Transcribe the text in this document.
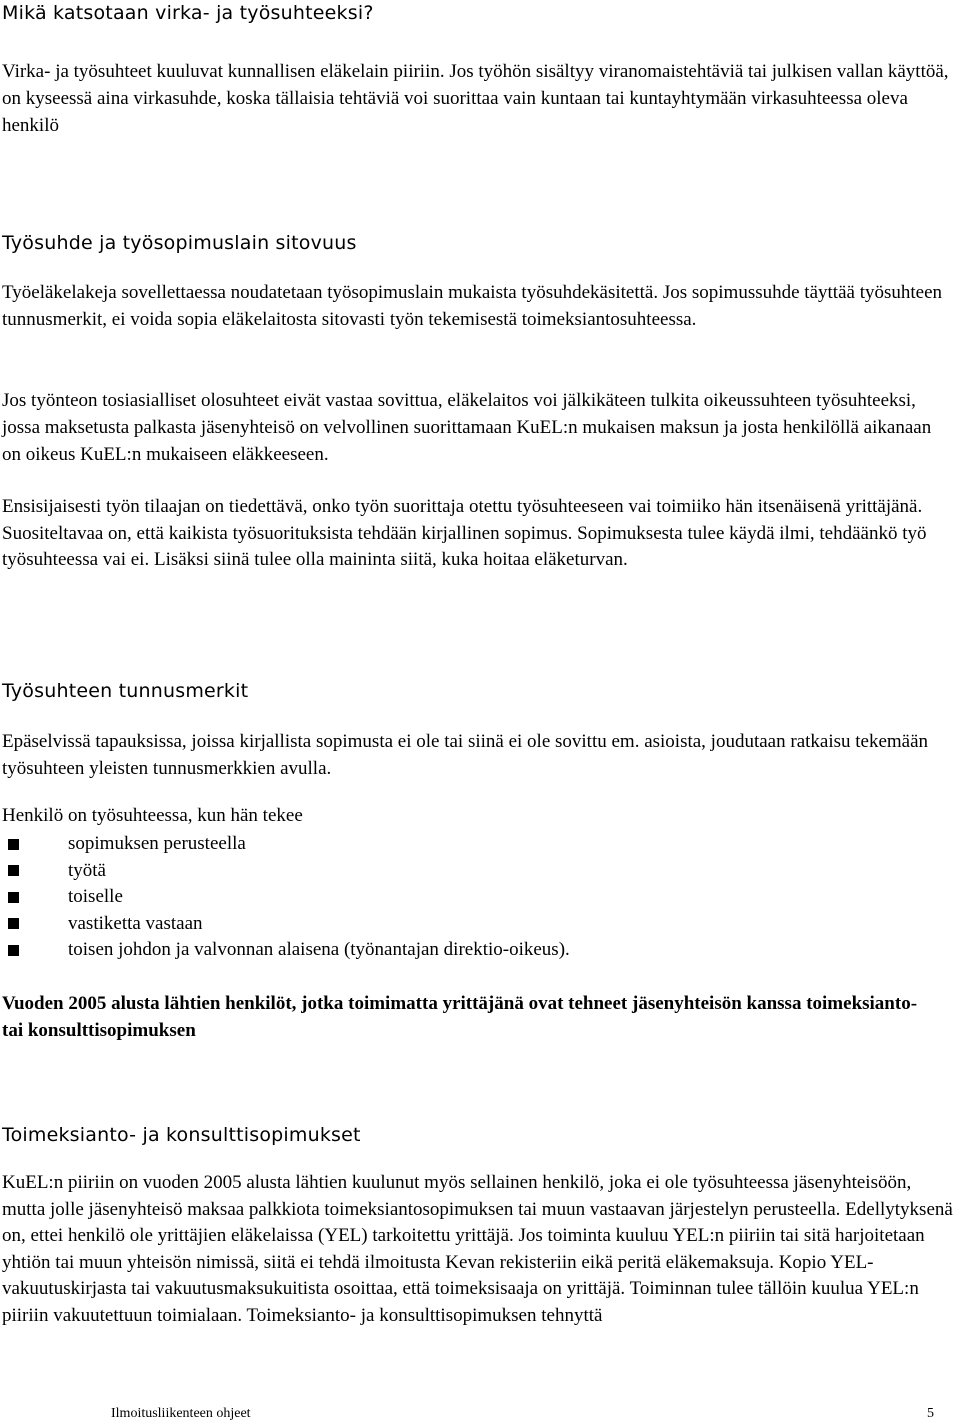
Mikä katsotaan virka- ja työsuhteeksi?

Virka- ja työsuhteet kuuluvat kunnallisen eläkelain piiriin. Jos työhön sisältyy viranomaistehtäviä tai julkisen vallan käyttöä, on kyseessä aina virkasuhde, koska tällaisia tehtäviä voi suorittaa vain kuntaan tai kuntayhtymään virkasuhteessa oleva henkilö

Työsuhde ja työsopimuslain sitovuus

Työeläkelakeja sovellettaessa noudatetaan työsopimuslain mukaista työsuhdekäsitettä. Jos sopimussuhde täyttää työsuhteen tunnusmerkit, ei voida sopia eläkelaitosta sitovasti työn tekemisestä toimeksiantosuhteessa.

Jos työnteon tosiasialliset olosuhteet eivät vastaa sovittua, eläkelaitos voi jälkikäteen tulkita oikeussuhteen työsuhteeksi, jossa maksetusta palkasta jäsenyhteisö on velvollinen suorittamaan KuEL:n mukaisen maksun ja josta henkilöllä aikanaan on oikeus KuEL:n mukaiseen eläkkeeseen.

Ensisijaisesti työn tilaajan on tiedettävä, onko työn suorittaja otettu työsuhteeseen vai toimiiko hän itsenäisenä yrittäjänä. Suositeltavaa on, että kaikista työsuorituksista tehdään kirjallinen sopimus. Sopimuksesta tulee käydä ilmi, tehdäänkö työ työsuhteessa vai ei. Lisäksi siinä tulee olla maininta siitä, kuka hoitaa eläketurvan.

Työsuhteen tunnusmerkit

Epäselvissä tapauksissa, joissa kirjallista sopimusta ei ole tai siinä ei ole sovittu em. asioista, joudutaan ratkaisu tekemään työsuhteen yleisten tunnusmerkkien avulla.

Henkilö on työsuhteessa, kun hän tekee

sopimuksen perusteella
työtä
toiselle
vastiketta vastaan
toisen johdon ja valvonnan alaisena (työnantajan direktio-oikeus).

Vuoden 2005 alusta lähtien henkilöt, jotka toimimatta yrittäjänä ovat tehneet jäsenyhteisön kanssa toimeksianto- tai konsulttisopimuksen

Toimeksianto- ja konsulttisopimukset

KuEL:n piiriin on vuoden 2005 alusta lähtien kuulunut myös sellainen henkilö, joka ei ole työsuhteessa jäsenyhteisöön, mutta jolle jäsenyhteisö maksaa palkkiota toimeksiantosopimuksen tai muun vastaavan järjestelyn perusteella. Edellytyksenä on, ettei henkilö ole yrittäjien eläkelaissa (YEL) tarkoitettu yrittäjä. Jos toiminta kuuluu YEL:n piiriin tai sitä harjoitetaan yhtiön tai muun yhteisön nimissä, siitä ei tehdä ilmoitusta Kevan rekisteriin eikä peritä eläkemaksuja. Kopio YEL-vakuutuskirjasta tai vakuutusmaksukuitista osoittaa, että toimeksisaaja on yrittäjä. Toiminnan tulee tällöin kuulua YEL:n piiriin vakuutettuun toimialaan. Toimeksianto- ja konsulttisopimuksen tehnyttä

Ilmoitusliikenteen ohjeet	5
